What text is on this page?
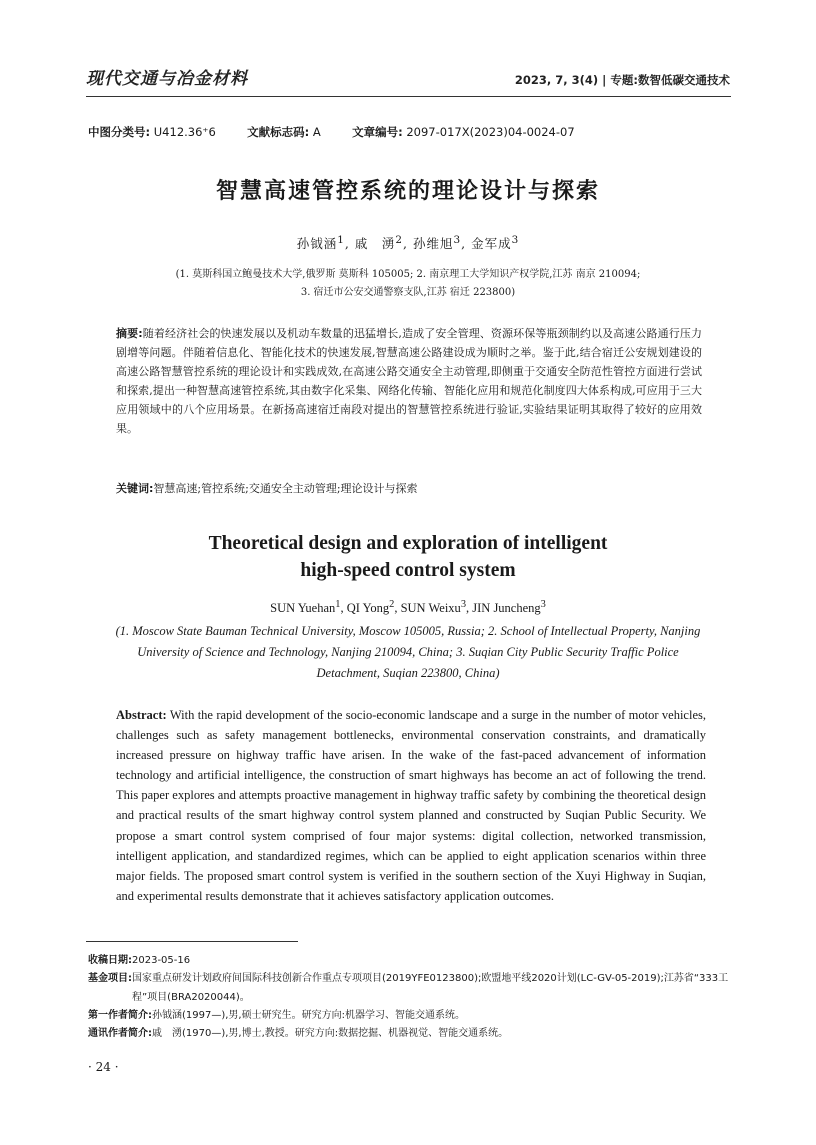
现代交通与冶金材料	2023, 7, 3(4) | 专题:数智低碳交通技术
中图分类号: U412.36⁺6	文献标志码: A	文章编号: 2097-017X(2023)04-0024-07
智慧高速管控系统的理论设计与探索
孙钺涵$^1$, 戚　湧$^2$, 孙维旭$^3$, 金军成$^3$
(1. 莫斯科国立鲍曼技术大学,俄罗斯 莫斯科 105005; 2. 南京理工大学知识产权学院,江苏 南京 210094;
3. 宿迁市公安交通警察支队,江苏 宿迁 223800)
摘要:随着经济社会的快速发展以及机动车数量的迅猛增长,造成了安全管理、资源环保等瓶颈制约以及高速公路通行压力剧增等问题。伴随着信息化、智能化技术的快速发展,智慧高速公路建设成为顺时之举。鉴于此,结合宿迁公安规划建设的高速公路智慧管控系统的理论设计和实践成效,在高速公路交通安全主动管理,即侧重于交通安全防范性管控方面进行尝试和探索,提出一种智慧高速管控系统,其由数字化采集、网络化传输、智能化应用和规范化制度四大体系构成,可应用于三大应用领域中的八个应用场景。在新扬高速宿迁南段对提出的智慧管控系统进行验证,实验结果证明其取得了较好的应用效果。
关键词:智慧高速;管控系统;交通安全主动管理;理论设计与探索
Theoretical design and exploration of intelligent
high-speed control system
SUN Yuehan$^1$, QI Yong$^2$, SUN Weixu$^3$, JIN Juncheng$^3$
(1. Moscow State Bauman Technical University, Moscow 105005, Russia; 2. School of Intellectual Property, Nanjing University of Science and Technology, Nanjing 210094, China; 3. Suqian City Public Security Traffic Police Detachment, Suqian 223800, China)
Abstract: With the rapid development of the socio-economic landscape and a surge in the number of motor vehicles, challenges such as safety management bottlenecks, environmental conservation constraints, and dramatically increased pressure on highway traffic have arisen. In the wake of the fast-paced advancement of information technology and artificial intelligence, the construction of smart highways has become an act of following the trend. This paper explores and attempts proactive management in highway traffic safety by combining the theoretical design and practical results of the smart highway control system planned and constructed by Suqian Public Security. We propose a smart control system comprised of four major systems: digital collection, networked transmission, intelligent application, and standardized regimes, which can be applied to eight application scenarios within three major fields. The proposed smart control system is verified in the southern section of the Xuyi Highway in Suqian, and experimental results demonstrate that it achieves satisfactory application outcomes.
收稿日期: 2023-05-16
基金项目: 国家重点研发计划政府间国际科技创新合作重点专项项目(2019YFE0123800);欧盟地平线2020计划(LC-GV-05-2019);江苏省“333工程”项目(BRA2020044)。
第一作者简介: 孙钺涵(1997—),男,硕士研究生。研究方向:机器学习、智能交通系统。
通讯作者简介: 戚　湧(1970—),男,博士,教授。研究方向:数据挖掘、机器视觉、智能交通系统。
· 24 ·
